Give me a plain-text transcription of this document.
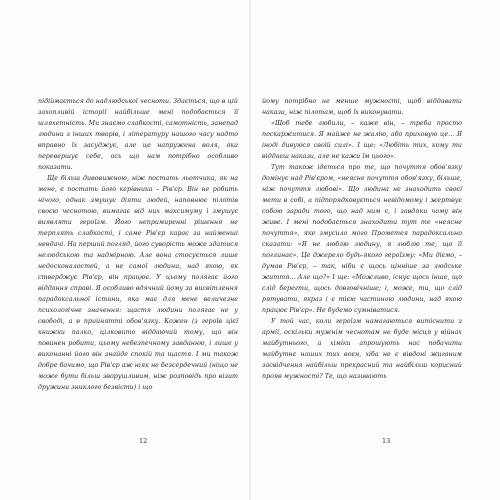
підіймається до надлюдської чесноти. Здається, що в цій захопливій історії найбільше мені подобається її шляхетність. Ми знаємо слабкості, самотність, занепад людини з інших творів, і літературу нашого часу надто вправно їх засуджує, але це напружена воля, яка перевершує себе, ось що нам потрібно особливо показати.

Ще більш дивовижною, ніж постать льотчика, як на мене, є постать його керівника – Рів'єр. Він не робить нічого, однак змушує діяти людей, наповнює пілотів своєю чеснотою, вимагає від них максимуму і змушує виявляти героїзм. Його непримиренні рішення не терплять слабкості, і саме Рів'єр карає за найменші невдачі. На перший погляд, його суворість може здатися нелюдською та надмірною. Але вона стосується лише недосконалостей, а не самої людини, над якою, як стверджує Рів'єр, він працює. У цьому полягає його віддання справі. Я особливо вдячний йому за висвітлення парадоксальної істини, яка має для мене величезне психологічне значення: щастя людини полягає не у свободі, а в прийнятті обов'язку. Кожен (з героїв цієї книжки палко, цілковито віддаючий тому, що він повинен робити, цьому небезпечному завданню, і лише у виконанні його він знайде спокій та щастя. І ми також добре бачимо, що Рів'єр аж ніяк не безсердечний (ніщо не може бути більш зворушливим, ніж розповідь про візит дружини зниклого безвісти) і що

12

йому потрібно не менше мужності, щоб віддавати накази, ніж пілотам, щоб їх виконувати.

«Щоб тебе любили, – каже він, – треба просто поскаржитися. Я майже не жалію, або приховую це... Я іноді дивуюся своїй силі». І ще: «Любіть тих, кому ти віддаєш накази, але не кажи їм цього».

Тут також ідеться про те, що почуття обов'язку домінує над Рів'єром, «неясне почуття обов'язку, більше, ніж почуття любові». Що людина не знаходить своєї мети в собі, а підпорядковується невідомому і жертвує собою заради того, що над ним є, і завдяки чому він живе. І мені подобається знаходити тут те «неясне почуття», яке змусило мого Прометея парадоксально сказати: «Я не люблю людину, я люблю те, що її поглинає». Це джерело будь-якого героїзму: «Ми діємо, – думав Рів'єр, – так, ніби є щось цінніше за людське життя... Але що?» І ще: «Можливо, існує щось інше, що слід берегти, щось довговічніше; і, може, ти, що слід рятувати, якраз і є тією частиною людини, над якою працює Рів'єр». Не будемо сумніватися.

У той час, коли героїзм намагаються витіснити з армії, оскільки мужнім чеснотам не буде місця у війнах майбутнього, а хіміки апрошують нас побачити майбутнє наших тих воєн, хіба не є вівдоні жиганим засвідчення найбільш прекрасний та найбільш корисний прояв мужності? Те, що називають

13
